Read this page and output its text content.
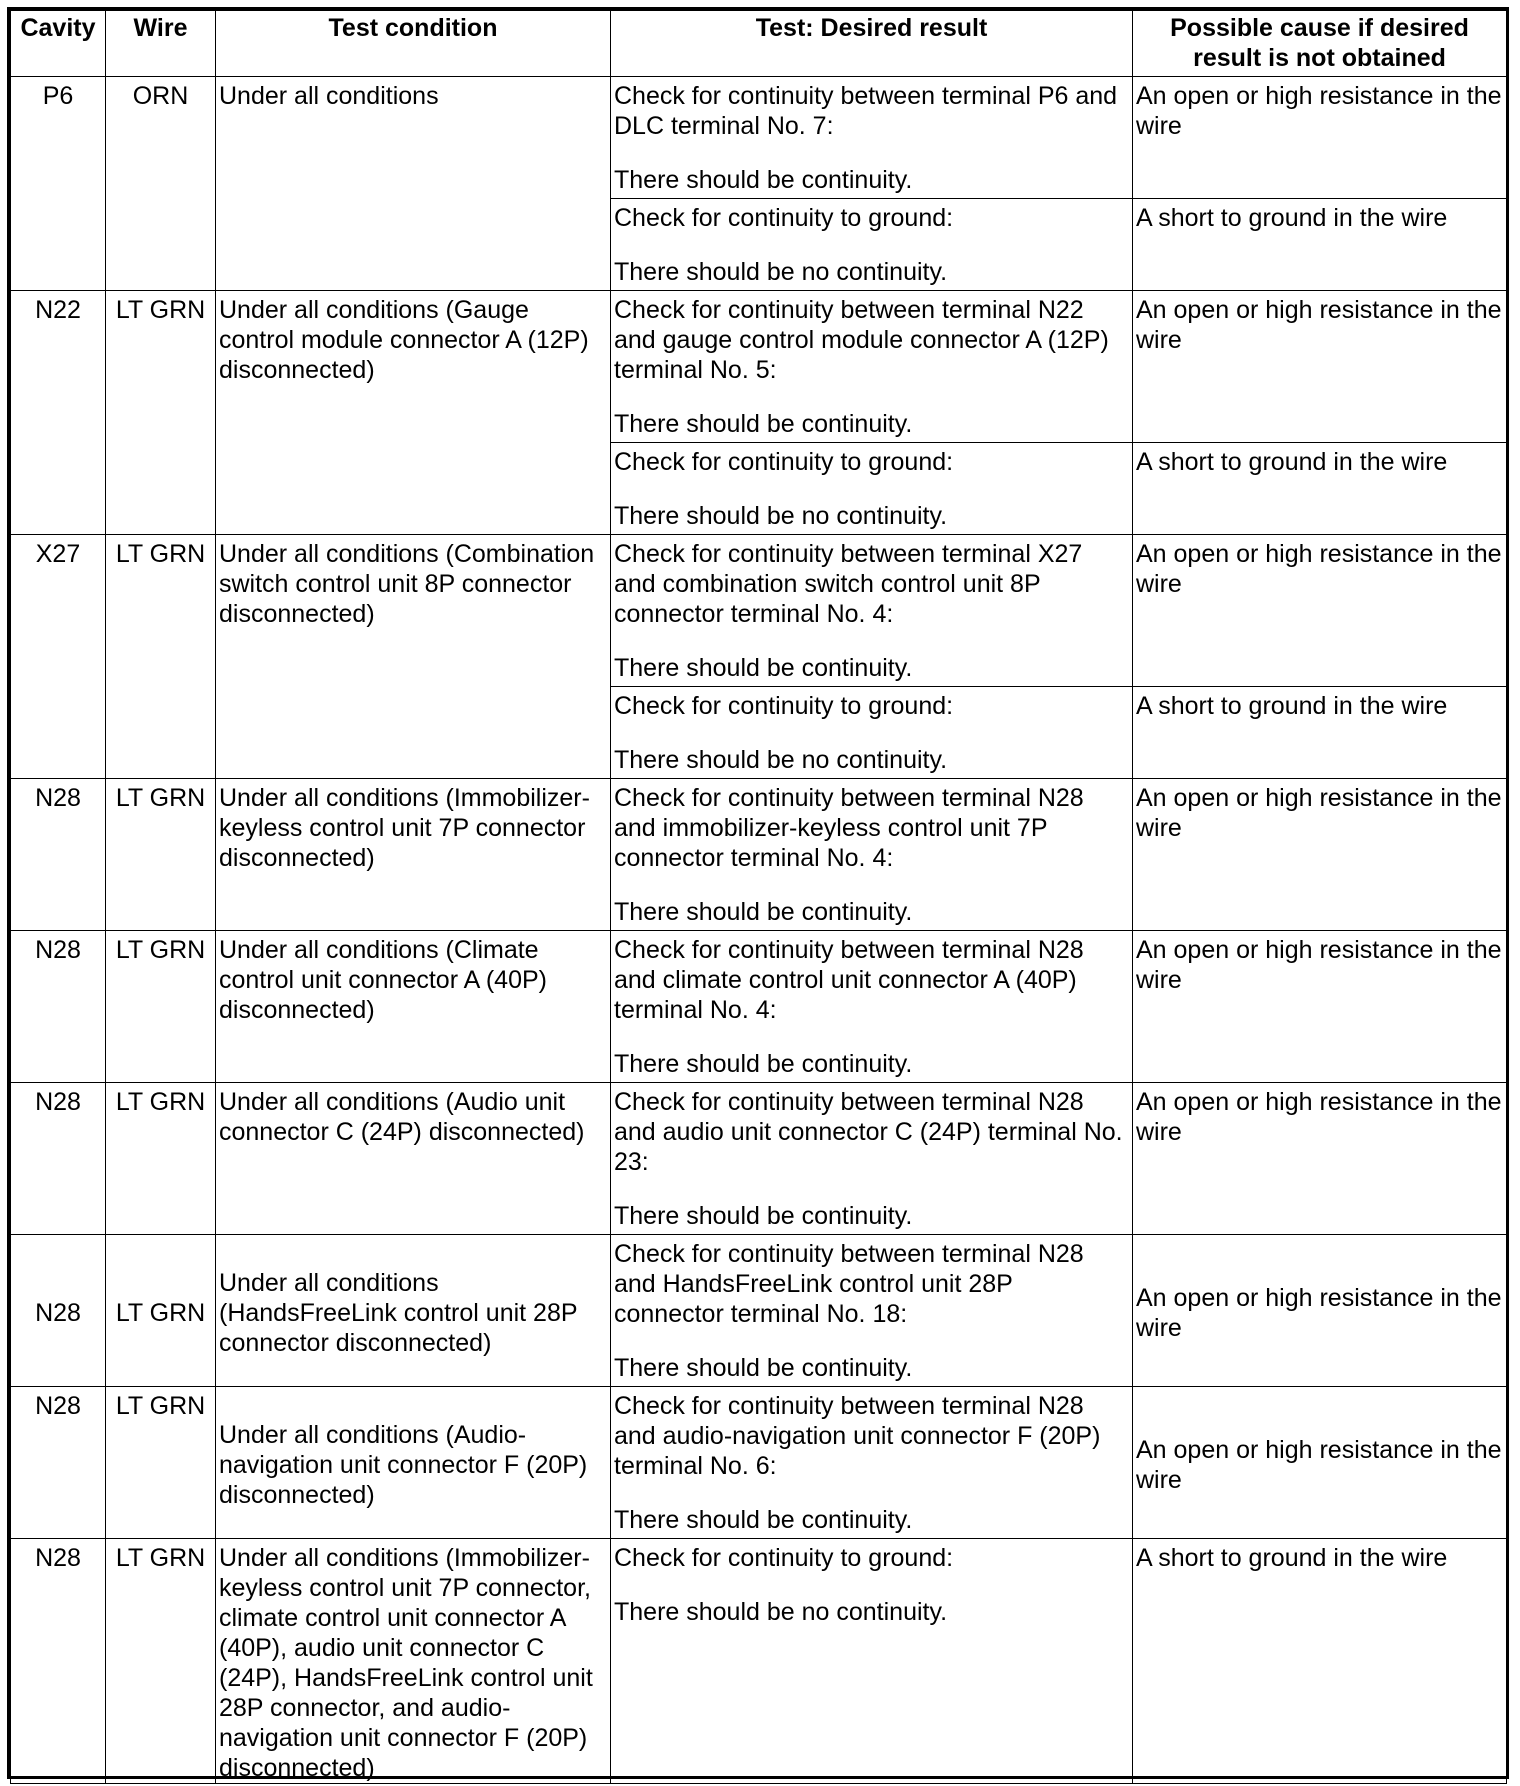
Cavity	Wire	Test condition	Test: Desired result	Possible cause if desired result is not obtained
P6	ORN	Under all conditions	Check for continuity between terminal P6 and DLC terminal No. 7:
There should be continuity.	An open or high resistance in the wire

			Check for continuity to ground:
There should be no continuity.	A short to ground in the wire
N22	LT GRN	Under all conditions (Gauge control module connector A (12P) disconnected)	Check for continuity between terminal N22 and gauge control module connector A (12P) terminal No. 5:
There should be continuity.	An open or high resistance in the wire

			Check for continuity to ground:
There should be no continuity.	A short to ground in the wire
X27	LT GRN	Under all conditions (Combination switch control unit 8P connector disconnected)	Check for continuity between terminal X27 and combination switch control unit 8P connector terminal No. 4:
There should be continuity.	An open or high resistance in the wire

			Check for continuity to ground:
There should be no continuity.	A short to ground in the wire
N28	LT GRN	Under all conditions (Immobilizer-keyless control unit 7P connector disconnected)	Check for continuity between terminal N28 and immobilizer-keyless control unit 7P connector terminal No. 4:
There should be continuity.	An open or high resistance in the wire
N28	LT GRN	Under all conditions (Climate control unit connector A (40P) disconnected)	Check for continuity between terminal N28 and climate control unit connector A (40P) terminal No. 4:
There should be continuity.	An open or high resistance in the wire
N28	LT GRN	Under all conditions (Audio unit connector C (24P) disconnected)	Check for continuity between terminal N28 and audio unit connector C (24P) terminal No. 23:
There should be continuity.	An open or high resistance in the wire
N28	LT GRN	Under all conditions (HandsFreeLink control unit 28P connector disconnected)	Check for continuity between terminal N28 and HandsFreeLink control unit 28P connector terminal No. 18:
There should be continuity.	An open or high resistance in the wire
N28	LT GRN	Under all conditions (Audio-navigation unit connector F (20P) disconnected)	Check for continuity between terminal N28 and audio-navigation unit connector F (20P) terminal No. 6:
There should be continuity.	An open or high resistance in the wire
N28	LT GRN	Under all conditions (Immobilizer-keyless control unit 7P connector, climate control unit connector A (40P), audio unit connector C (24P), HandsFreeLink control unit 28P connector, and audio-navigation unit connector F (20P) disconnected)	Check for continuity to ground:
There should be no continuity.	A short to ground in the wire
